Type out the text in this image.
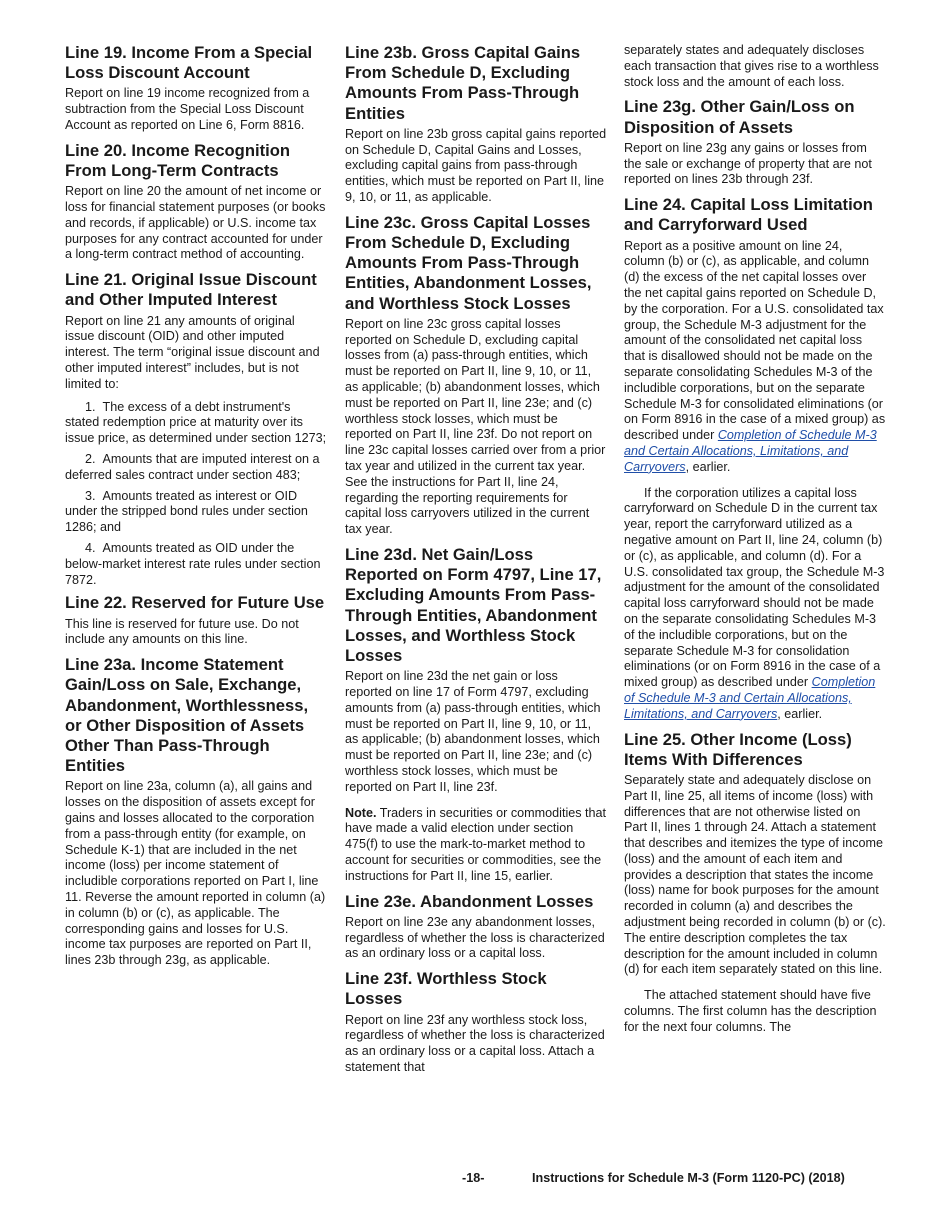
Line 19. Income From a Special Loss Discount Account

Report on line 19 income recognized from a subtraction from the Special Loss Discount Account as reported on Line 6, Form 8816.

Line 20. Income Recognition From Long-Term Contracts

Report on line 20 the amount of net income or loss for financial statement purposes (or books and records, if applicable) or U.S. income tax purposes for any contract accounted for under a long-term contract method of accounting.

Line 21. Original Issue Discount and Other Imputed Interest

Report on line 21 any amounts of original issue discount (OID) and other imputed interest. The term “original issue discount and other imputed interest” includes, but is not limited to:

1.  The excess of a debt instrument's stated redemption price at maturity over its issue price, as determined under section 1273;

2.  Amounts that are imputed interest on a deferred sales contract under section 483;

3.  Amounts treated as interest or OID under the stripped bond rules under section 1286; and

4.  Amounts treated as OID under the below-market interest rate rules under section 7872.

Line 22. Reserved for Future Use

This line is reserved for future use. Do not include any amounts on this line.

Line 23a. Income Statement Gain/Loss on Sale, Exchange, Abandonment, Worthlessness, or Other Disposition of Assets Other Than Pass-Through Entities

Report on line 23a, column (a), all gains and losses on the disposition of assets except for gains and losses allocated to the corporation from a pass-through entity (for example, on Schedule K-1) that are included in the net income (loss) per income statement of includible corporations reported on Part I, line 11. Reverse the amount reported in column (a) in column (b) or (c), as applicable. The corresponding gains and losses for U.S. income tax purposes are reported on Part II, lines 23b through 23g, as applicable.

Line 23b. Gross Capital Gains From Schedule D, Excluding Amounts From Pass-Through Entities

Report on line 23b gross capital gains reported on Schedule D, Capital Gains and Losses, excluding capital gains from pass-through entities, which must be reported on Part II, line 9, 10, or 11, as applicable.

Line 23c. Gross Capital Losses From Schedule D, Excluding Amounts From Pass-Through Entities, Abandonment Losses, and Worthless Stock Losses

Report on line 23c gross capital losses reported on Schedule D, excluding capital losses from (a) pass-through entities, which must be reported on Part II, line 9, 10, or 11, as applicable; (b) abandonment losses, which must be reported on Part II, line 23e; and (c) worthless stock losses, which must be reported on Part II, line 23f. Do not report on line 23c capital losses carried over from a prior tax year and utilized in the current tax year. See the instructions for Part II, line 24, regarding the reporting requirements for capital loss carryovers utilized in the current tax year.

Line 23d. Net Gain/Loss Reported on Form 4797, Line 17, Excluding Amounts From Pass-Through Entities, Abandonment Losses, and Worthless Stock Losses

Report on line 23d the net gain or loss reported on line 17 of Form 4797, excluding amounts from (a) pass-through entities, which must be reported on Part II, line 9, 10, or 11, as applicable; (b) abandonment losses, which must be reported on Part II, line 23e; and (c) worthless stock losses, which must be reported on Part II, line 23f.

Note. Traders in securities or commodities that have made a valid election under section 475(f) to use the mark-to-market method to account for securities or commodities, see the instructions for Part II, line 15, earlier.

Line 23e. Abandonment Losses

Report on line 23e any abandonment losses, regardless of whether the loss is characterized as an ordinary loss or a capital loss.

Line 23f. Worthless Stock Losses

Report on line 23f any worthless stock loss, regardless of whether the loss is characterized as an ordinary loss or a capital loss. Attach a statement that

separately states and adequately discloses each transaction that gives rise to a worthless stock loss and the amount of each loss.

Line 23g. Other Gain/Loss on Disposition of Assets

Report on line 23g any gains or losses from the sale or exchange of property that are not reported on lines 23b through 23f.

Line 24. Capital Loss Limitation and Carryforward Used

Report as a positive amount on line 24, column (b) or (c), as applicable, and column (d) the excess of the net capital losses over the net capital gains reported on Schedule D, by the corporation. For a U.S. consolidated tax group, the Schedule M-3 adjustment for the amount of the consolidated net capital loss that is disallowed should not be made on the separate consolidating Schedules M-3 of the includible corporations, but on the separate Schedule M-3 for consolidated eliminations (or on Form 8916 in the case of a mixed group) as described under Completion of Schedule M-3 and Certain Allocations, Limitations, and Carryovers, earlier.

If the corporation utilizes a capital loss carryforward on Schedule D in the current tax year, report the carryforward utilized as a negative amount on Part II, line 24, column (b) or (c), as applicable, and column (d). For a U.S. consolidated tax group, the Schedule M-3 adjustment for the amount of the consolidated capital loss carryforward should not be made on the separate consolidating Schedules M-3 of the includible corporations, but on the separate Schedule M-3 for consolidation eliminations (or on Form 8916 in the case of a mixed group) as described under Completion of Schedule M-3 and Certain Allocations, Limitations, and Carryovers, earlier.

Line 25. Other Income (Loss) Items With Differences

Separately state and adequately disclose on Part II, line 25, all items of income (loss) with differences that are not otherwise listed on Part II, lines 1 through 24. Attach a statement that describes and itemizes the type of income (loss) and the amount of each item and provides a description that states the income (loss) name for book purposes for the amount recorded in column (a) and describes the adjustment being recorded in column (b) or (c). The entire description completes the tax description for the amount included in column (d) for each item separately stated on this line.

The attached statement should have five columns. The first column has the description for the next four columns. The

-18-	Instructions for Schedule M-3 (Form 1120-PC) (2018)
